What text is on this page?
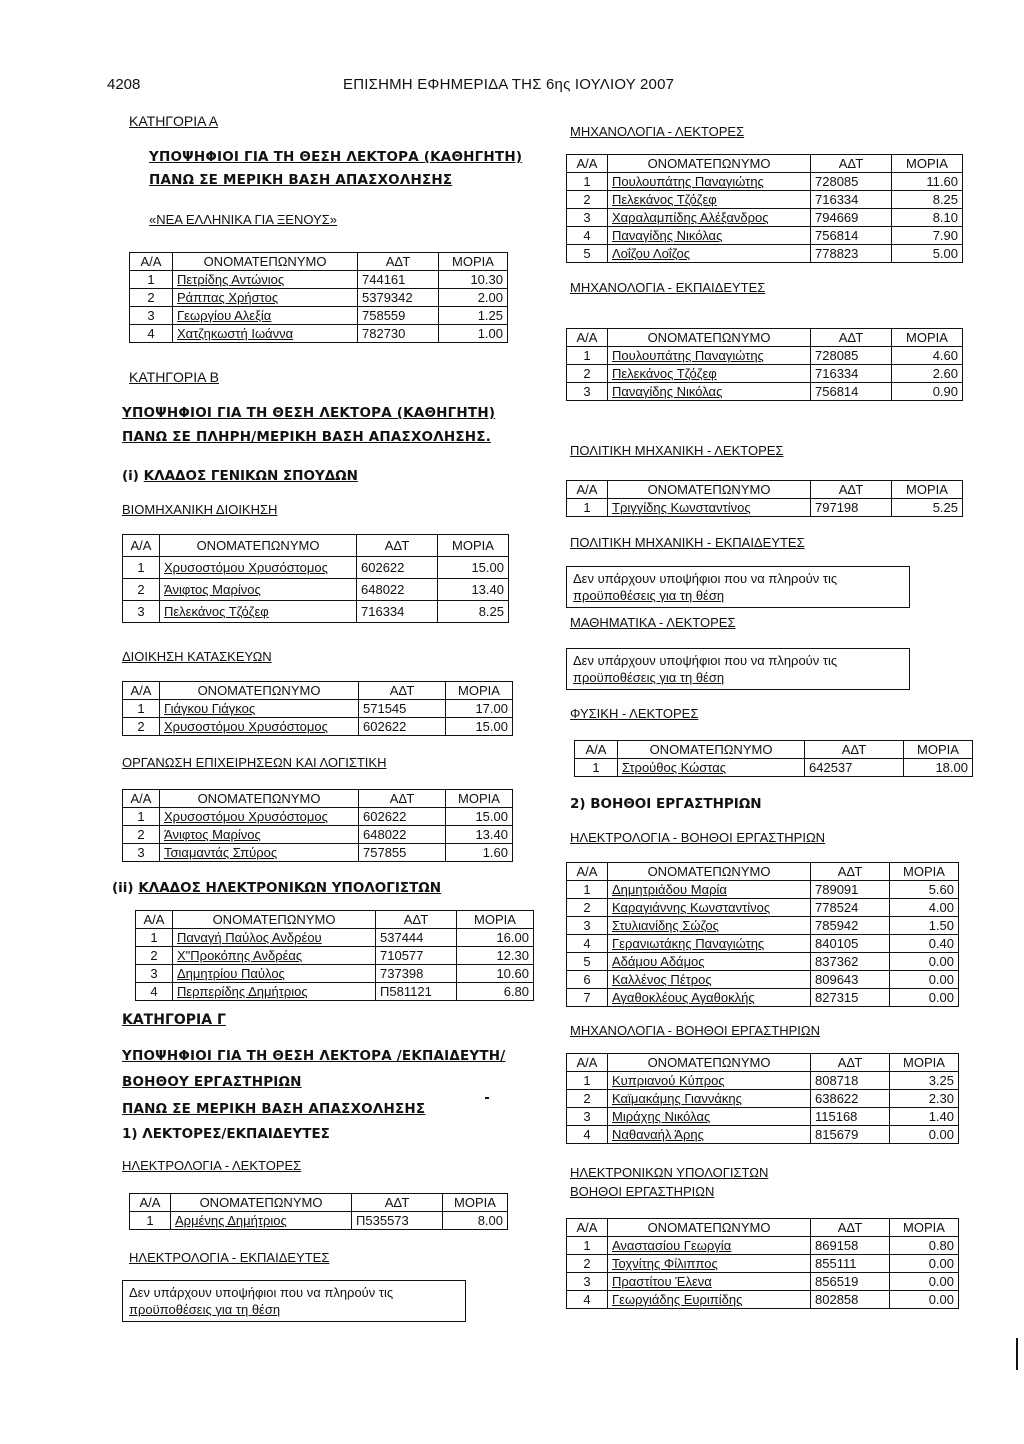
4208	ΕΠΙΣΗΜΗ ΕΦΗΜΕΡΙΔΑ ΤΗΣ 6ης ΙΟΥΛΙΟΥ 2007
ΚΑΤΗΓΟΡΙΑ Α
ΥΠΟΨΗΦΙΟΙ ΓΙΑ ΤΗ ΘΕΣΗ ΛΕΚΤΟΡΑ (ΚΑΘΗΓΗΤΗ)
ΠΑΝΩ ΣΕ ΜΕΡΙΚΗ ΒΑΣΗ ΑΠΑΣΧΟΛΗΣΗΣ
«ΝΕΑ ΕΛΛΗΝΙΚΑ ΓΙΑ ΞΕΝΟΥΣ»
Α/Α	ΟΝΟΜΑΤΕΠΩΝΥΜΟ	ΑΔΤ	ΜΟΡΙΑ
1	Πετρίδης Αντώνιος	744161	10.30
2	Ράππας Χρήστος	5379342	2.00
3	Γεωργίου Αλεξία	758559	1.25
4	Χατζηκωστή Ιωάννα	782730	1.00
ΚΑΤΗΓΟΡΙΑ Β
ΥΠΟΨΗΦΙΟΙ ΓΙΑ ΤΗ ΘΕΣΗ ΛΕΚΤΟΡΑ (ΚΑΘΗΓΗΤΗ)
ΠΑΝΩ ΣΕ ΠΛΗΡΗ/ΜΕΡΙΚΗ ΒΑΣΗ ΑΠΑΣΧΟΛΗΣΗΣ.
(i) ΚΛΑΔΟΣ ΓΕΝΙΚΩΝ ΣΠΟΥΔΩΝ
ΒΙΟΜΗΧΑΝΙΚΗ ΔΙΟΙΚΗΣΗ
Α/Α	ΟΝΟΜΑΤΕΠΩΝΥΜΟ	ΑΔΤ	ΜΟΡΙΑ
1	Χρυσοστόμου Χρυσόστομος	602622	15.00
2	Άνιφτος Μαρίνος	648022	13.40
3	Πελεκάνος Τζόζεφ	716334	8.25
ΔΙΟΙΚΗΣΗ ΚΑΤΑΣΚΕΥΩΝ
Α/Α	ΟΝΟΜΑΤΕΠΩΝΥΜΟ	ΑΔΤ	ΜΟΡΙΑ
1	Γιάγκου Γιάγκος	571545	17.00
2	Χρυσοστόμου Χρυσόστομος	602622	15.00
ΟΡΓΑΝΩΣΗ ΕΠΙΧΕΙΡΗΣΕΩΝ ΚΑΙ ΛΟΓΙΣΤΙΚΗ
Α/Α	ΟΝΟΜΑΤΕΠΩΝΥΜΟ	ΑΔΤ	ΜΟΡΙΑ
1	Χρυσοστόμου Χρυσόστομος	602622	15.00
2	Άνιφτος Μαρίνος	648022	13.40
3	Τσιαμαντάς Σπύρος	757855	1.60
(ii) ΚΛΑΔΟΣ ΗΛΕΚΤΡΟΝΙΚΩΝ ΥΠΟΛΟΓΙΣΤΩΝ
Α/Α	ΟΝΟΜΑΤΕΠΩΝΥΜΟ	ΑΔΤ	ΜΟΡΙΑ
1	Παναγή Παύλος Ανδρέου	537444	16.00
2	Χ"Προκόπης Ανδρέας	710577	12.30
3	Δημητρίου Παύλος	737398	10.60
4	Περπερίδης Δημήτριος	Π581121	6.80
ΚΑΤΗΓΟΡΙΑ Γ
ΥΠΟΨΗΦΙΟΙ ΓΙΑ ΤΗ ΘΕΣΗ ΛΕΚΤΟΡΑ /ΕΚΠΑΙΔΕΥΤΗ/
ΒΟΗΘΟΥ ΕΡΓΑΣΤΗΡΙΩΝ
ΠΑΝΩ ΣΕ ΜΕΡΙΚΗ ΒΑΣΗ ΑΠΑΣΧΟΛΗΣΗΣ
1) ΛΕΚΤΟΡΕΣ/ΕΚΠΑΙΔΕΥΤΕΣ
ΗΛΕΚΤΡΟΛΟΓΙΑ - ΛΕΚΤΟΡΕΣ
Α/Α	ΟΝΟΜΑΤΕΠΩΝΥΜΟ	ΑΔΤ	ΜΟΡΙΑ
1	Αρμένης Δημήτριος	Π535573	8.00
ΗΛΕΚΤΡΟΛΟΓΙΑ - ΕΚΠΑΙΔΕΥΤΕΣ
Δεν υπάρχουν υποψήφιοι που να πληρούν τις
προϋποθέσεις για τη θέση
ΜΗΧΑΝΟΛΟΓΙΑ - ΛΕΚΤΟΡΕΣ
Α/Α	ΟΝΟΜΑΤΕΠΩΝΥΜΟ	ΑΔΤ	ΜΟΡΙΑ
1	Πουλουπάτης Παναγιώτης	728085	11.60
2	Πελεκάνος Τζόζεφ	716334	8.25
3	Χαραλαμπίδης Αλέξανδρος	794669	8.10
4	Παναγίδης Νικόλας	756814	7.90
5	Λοΐζου Λοΐζος	778823	5.00
ΜΗΧΑΝΟΛΟΓΙΑ - ΕΚΠΑΙΔΕΥΤΕΣ
Α/Α	ΟΝΟΜΑΤΕΠΩΝΥΜΟ	ΑΔΤ	ΜΟΡΙΑ
1	Πουλουπάτης Παναγιώτης	728085	4.60
2	Πελεκάνος Τζόζεφ	716334	2.60
3	Παναγίδης Νικόλας	756814	0.90
ΠΟΛΙΤΙΚΗ ΜΗΧΑΝΙΚΗ - ΛΕΚΤΟΡΕΣ
Α/Α	ΟΝΟΜΑΤΕΠΩΝΥΜΟ	ΑΔΤ	ΜΟΡΙΑ
1	Τριγγίδης Κωνσταντίνος	797198	5.25
ΠΟΛΙΤΙΚΗ ΜΗΧΑΝΙΚΗ - ΕΚΠΑΙΔΕΥΤΕΣ
Δεν υπάρχουν υποψήφιοι που να πληρούν τις
προϋποθέσεις για τη θέση
ΜΑΘΗΜΑΤΙΚΑ - ΛΕΚΤΟΡΕΣ
Δεν υπάρχουν υποψήφιοι που να πληρούν τις
προϋποθέσεις για τη θέση
ΦΥΣΙΚΗ - ΛΕΚΤΟΡΕΣ
Α/Α	ΟΝΟΜΑΤΕΠΩΝΥΜΟ	ΑΔΤ	ΜΟΡΙΑ
1	Στρούθος Κώστας	642537	18.00
2) ΒΟΗΘΟΙ ΕΡΓΑΣΤΗΡΙΩΝ
ΗΛΕΚΤΡΟΛΟΓΙΑ - ΒΟΗΘΟΙ ΕΡΓΑΣΤΗΡΙΩΝ
Α/Α	ΟΝΟΜΑΤΕΠΩΝΥΜΟ	ΑΔΤ	ΜΟΡΙΑ
1	Δημητριάδου Μαρία	789091	5.60
2	Καραγιάννης Κωνσταντίνος	778524	4.00
3	Στυλιανίδης Σώζος	785942	1.50
4	Γερανιωτάκης Παναγιώτης	840105	0.40
5	Αδάμου Αδάμος	837362	0.00
6	Καλλένος Πέτρος	809643	0.00
7	Αγαθοκλέους Αγαθοκλής	827315	0.00
ΜΗΧΑΝΟΛΟΓΙΑ - ΒΟΗΘΟΙ ΕΡΓΑΣΤΗΡΙΩΝ
Α/Α	ΟΝΟΜΑΤΕΠΩΝΥΜΟ	ΑΔΤ	ΜΟΡΙΑ
1	Κυπριανού Κύπρος	808718	3.25
2	Καϊμακάμης Γιαννάκης	638622	2.30
3	Μιράχης Νικόλας	115168	1.40
4	Ναθαναήλ Άρης	815679	0.00
ΗΛΕΚΤΡΟΝΙΚΩΝ ΥΠΟΛΟΓΙΣΤΩΝ
ΒΟΗΘΟΙ ΕΡΓΑΣΤΗΡΙΩΝ
Α/Α	ΟΝΟΜΑΤΕΠΩΝΥΜΟ	ΑΔΤ	ΜΟΡΙΑ
1	Αναστασίου Γεωργία	869158	0.80
2	Τοχνίτης Φίλιππος	855111	0.00
3	Πραστίτου Έλενα	856519	0.00
4	Γεωργιάδης Ευριπίδης	802858	0.00
